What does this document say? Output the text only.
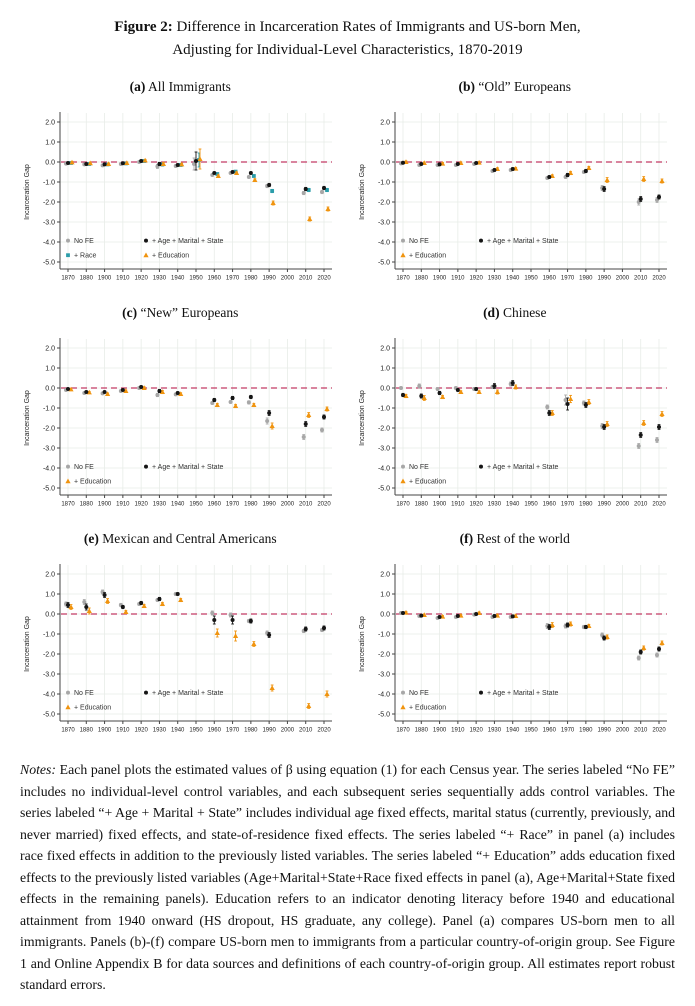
Figure 2: Difference in Incarceration Rates of Immigrants and US-born Men,
Adjusting for Individual-Level Characteristics, 1870-2019
(a) All Immigrants
2.0
1.0
0.0
-1.0
-2.0
-3.0
-4.0
-5.0
1870 1880 1900 1910 1920 1930 1940 1950 1960 1970 1980 1990 2000 2010 2020
Incarceration Gap
No FE	+ Age + Marital + State
+ Race	+ Education
(b) “Old” Europeans
2.0
1.0
0.0
-1.0
-2.0
-3.0
-4.0
-5.0
1870 1880 1900 1910 1920 1930 1940 1950 1960 1970 1980 1990 2000 2010 2020
Incarceration Gap
No FE	+ Age + Marital + State
+ Education
(c) “New” Europeans
2.0
1.0
0.0
-1.0
-2.0
-3.0
-4.0
-5.0
1870 1880 1900 1910 1920 1930 1940 1950 1960 1970 1980 1990 2000 2010 2020
Incarceration Gap
No FE	+ Age + Marital + State
+ Education
(d) Chinese
2.0
1.0
0.0
-1.0
-2.0
-3.0
-4.0
-5.0
1870 1880 1900 1910 1920 1930 1940 1950 1960 1970 1980 1990 2000 2010 2020
Incarceration Gap
No FE	+ Age + Marital + State
+ Education
(e) Mexican and Central Americans
2.0
1.0
0.0
-1.0
-2.0
-3.0
-4.0
-5.0
1870 1880 1900 1910 1920 1930 1940 1950 1960 1970 1980 1990 2000 2010 2020
Incarceration Gap
No FE	+ Age + Marital + State
+ Education
(f) Rest of the world
2.0
1.0
0.0
-1.0
-2.0
-3.0
-4.0
-5.0
1870 1880 1900 1910 1920 1930 1940 1950 1960 1970 1980 1990 2000 2010 2020
Incarceration Gap
No FE	+ Age + Marital + State
+ Education

Notes: Each panel plots the estimated values of β using equation (1) for each Census year. The series labeled “No FE” includes no individual-level control variables, and each subsequent series sequentially adds control variables. The series labeled “+ Age + Marital + State” includes individual age fixed effects, marital status (currently, previously, and never married) fixed effects, and state-of-residence fixed effects. The series labeled “+ Race” in panel (a) includes race fixed effects in addition to the previously listed variables. The series labeled “+ Education” adds education fixed effects to the previously listed variables (Age+Marital+State+Race fixed effects in panel (a), Age+Marital+State fixed effects in the remaining panels). Education refers to an indicator denoting literacy before 1940 and educational attainment from 1940 onward (HS dropout, HS graduate, any college). Panel (a) compares US-born men to all immigrants. Panels (b)-(f) compare US-born men to immigrants from a particular country-of-origin group. See Figure 1 and Online Appendix B for data sources and definitions of each country-of-origin group. All estimates report robust standard errors.
